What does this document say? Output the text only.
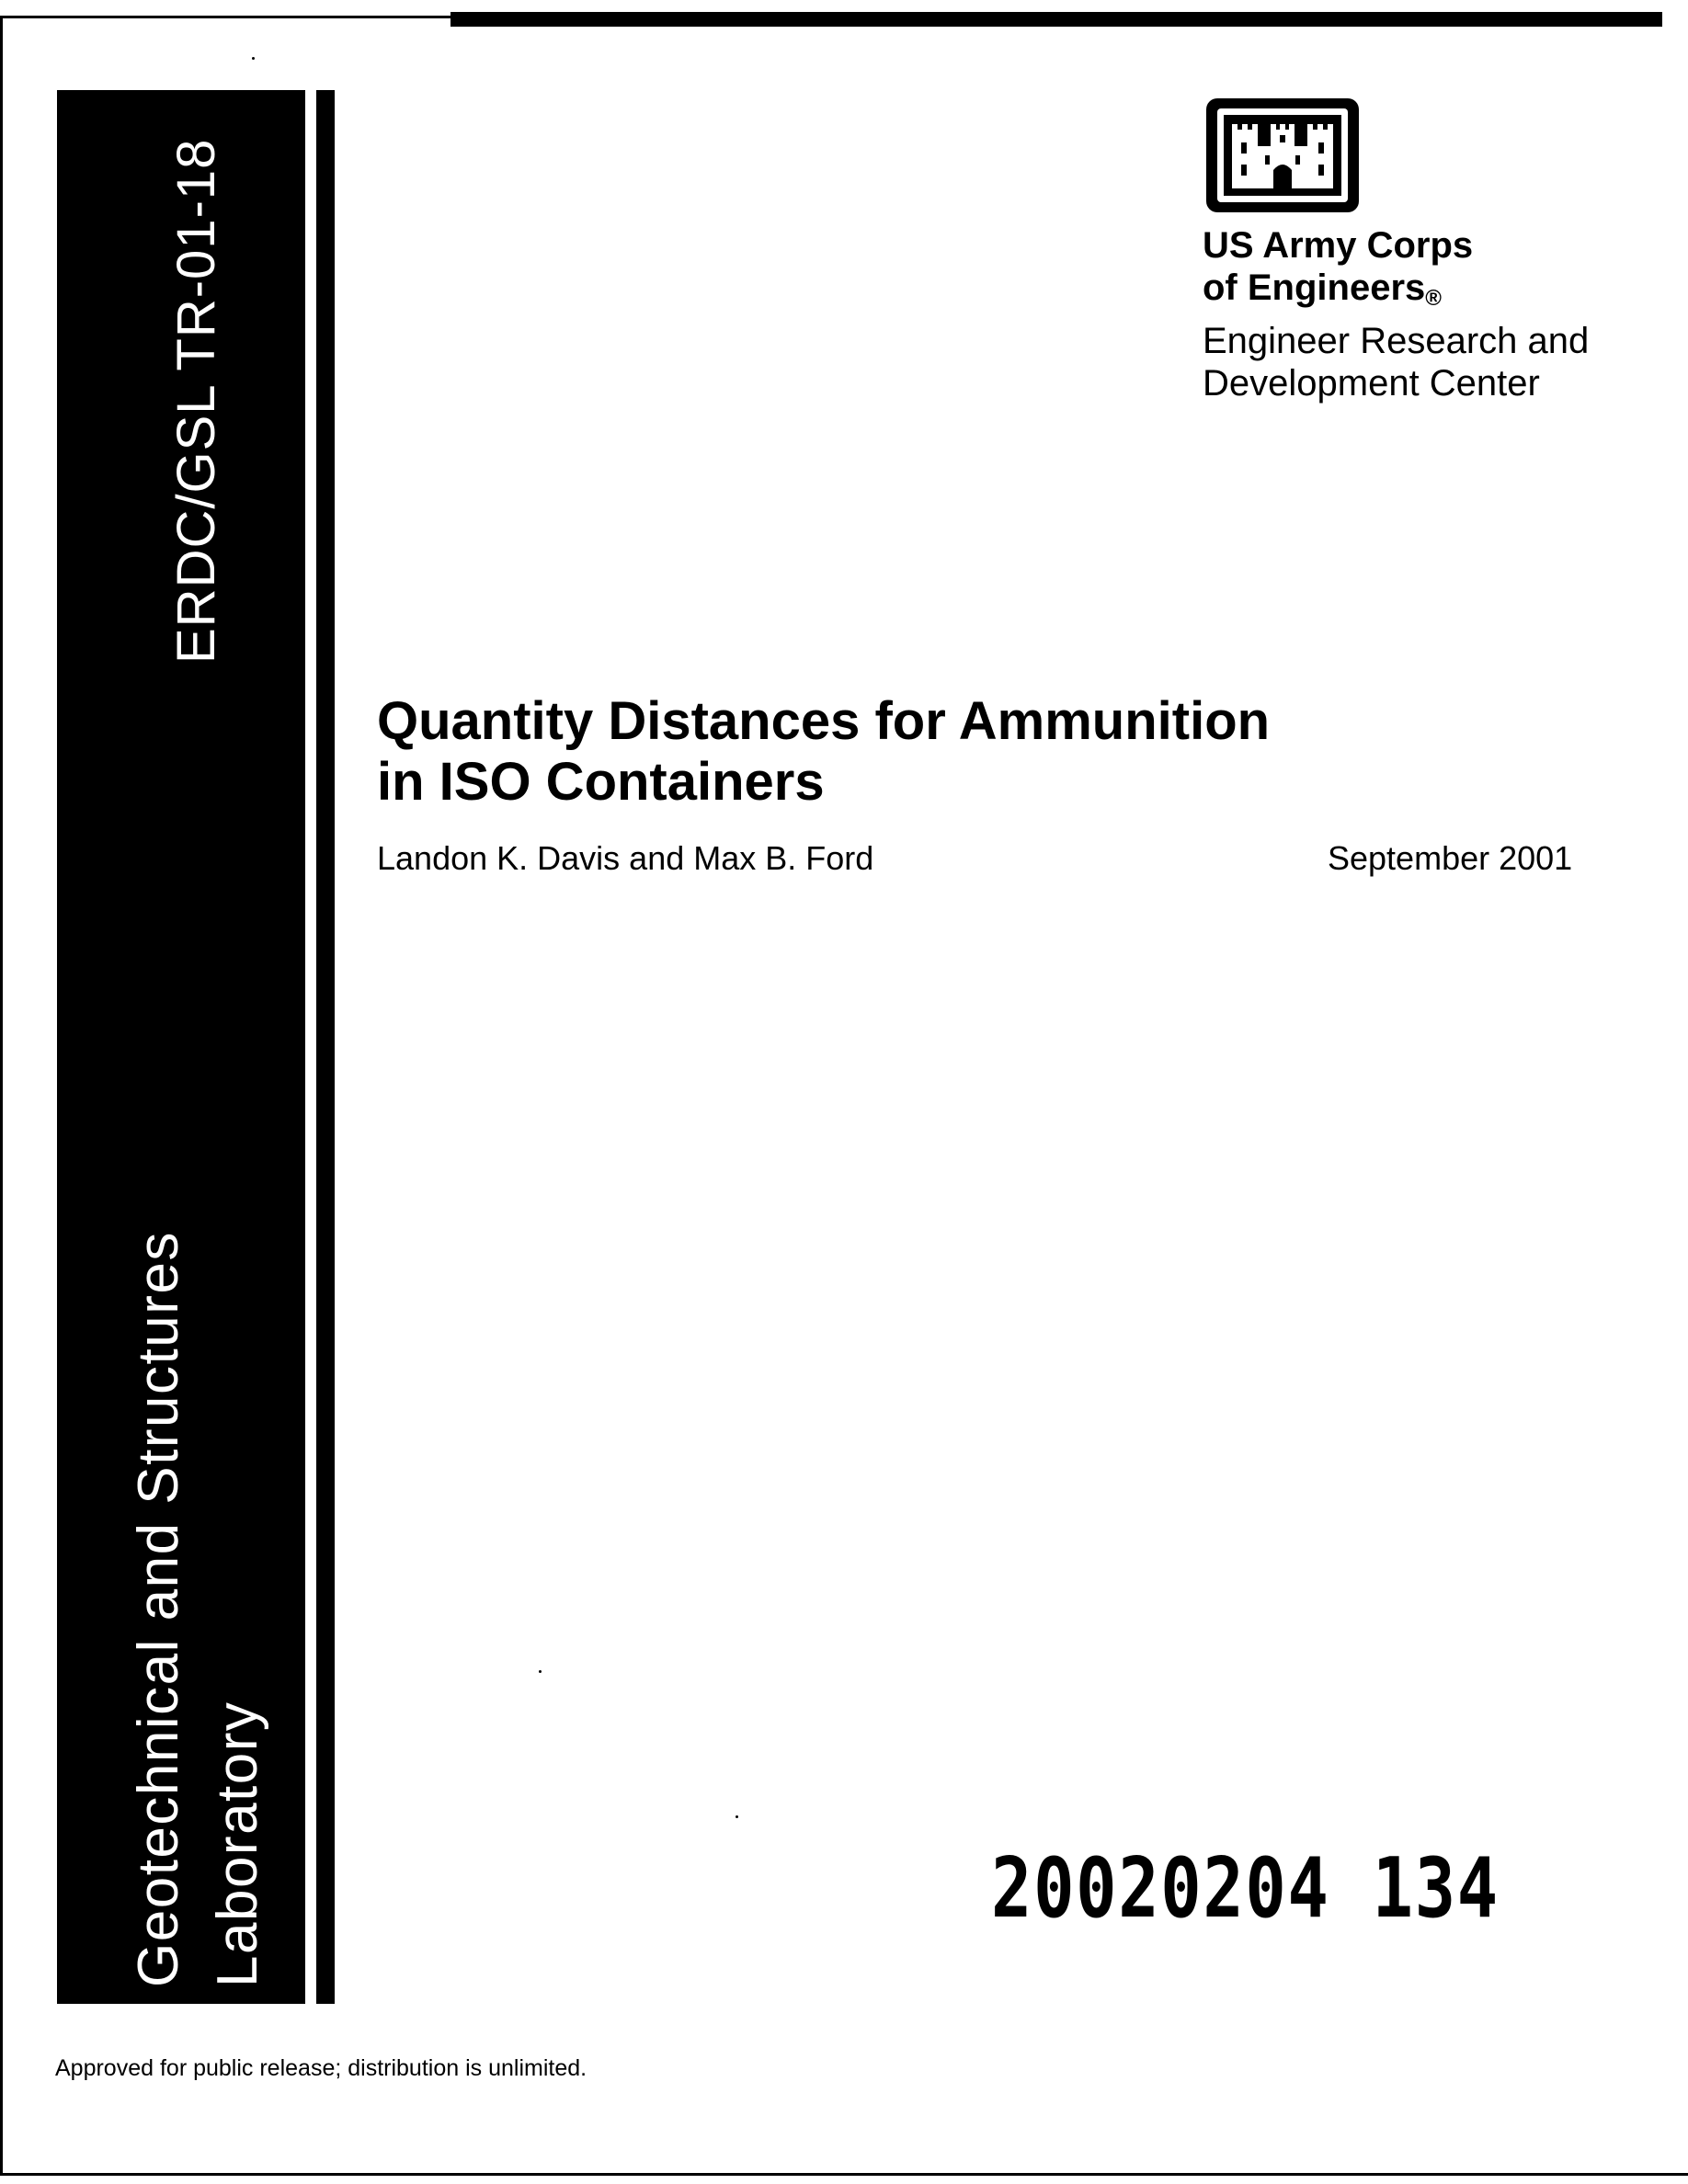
ERDC/GSL TR-01-18
Geotechnical and Structures Laboratory
US Army Corps
of Engineers®
Engineer Research and
Development Center
Quantity Distances for Ammunition
in ISO Containers
Landon K. Davis and Max B. Ford	September 2001
20020204 134
Approved for public release; distribution is unlimited.
